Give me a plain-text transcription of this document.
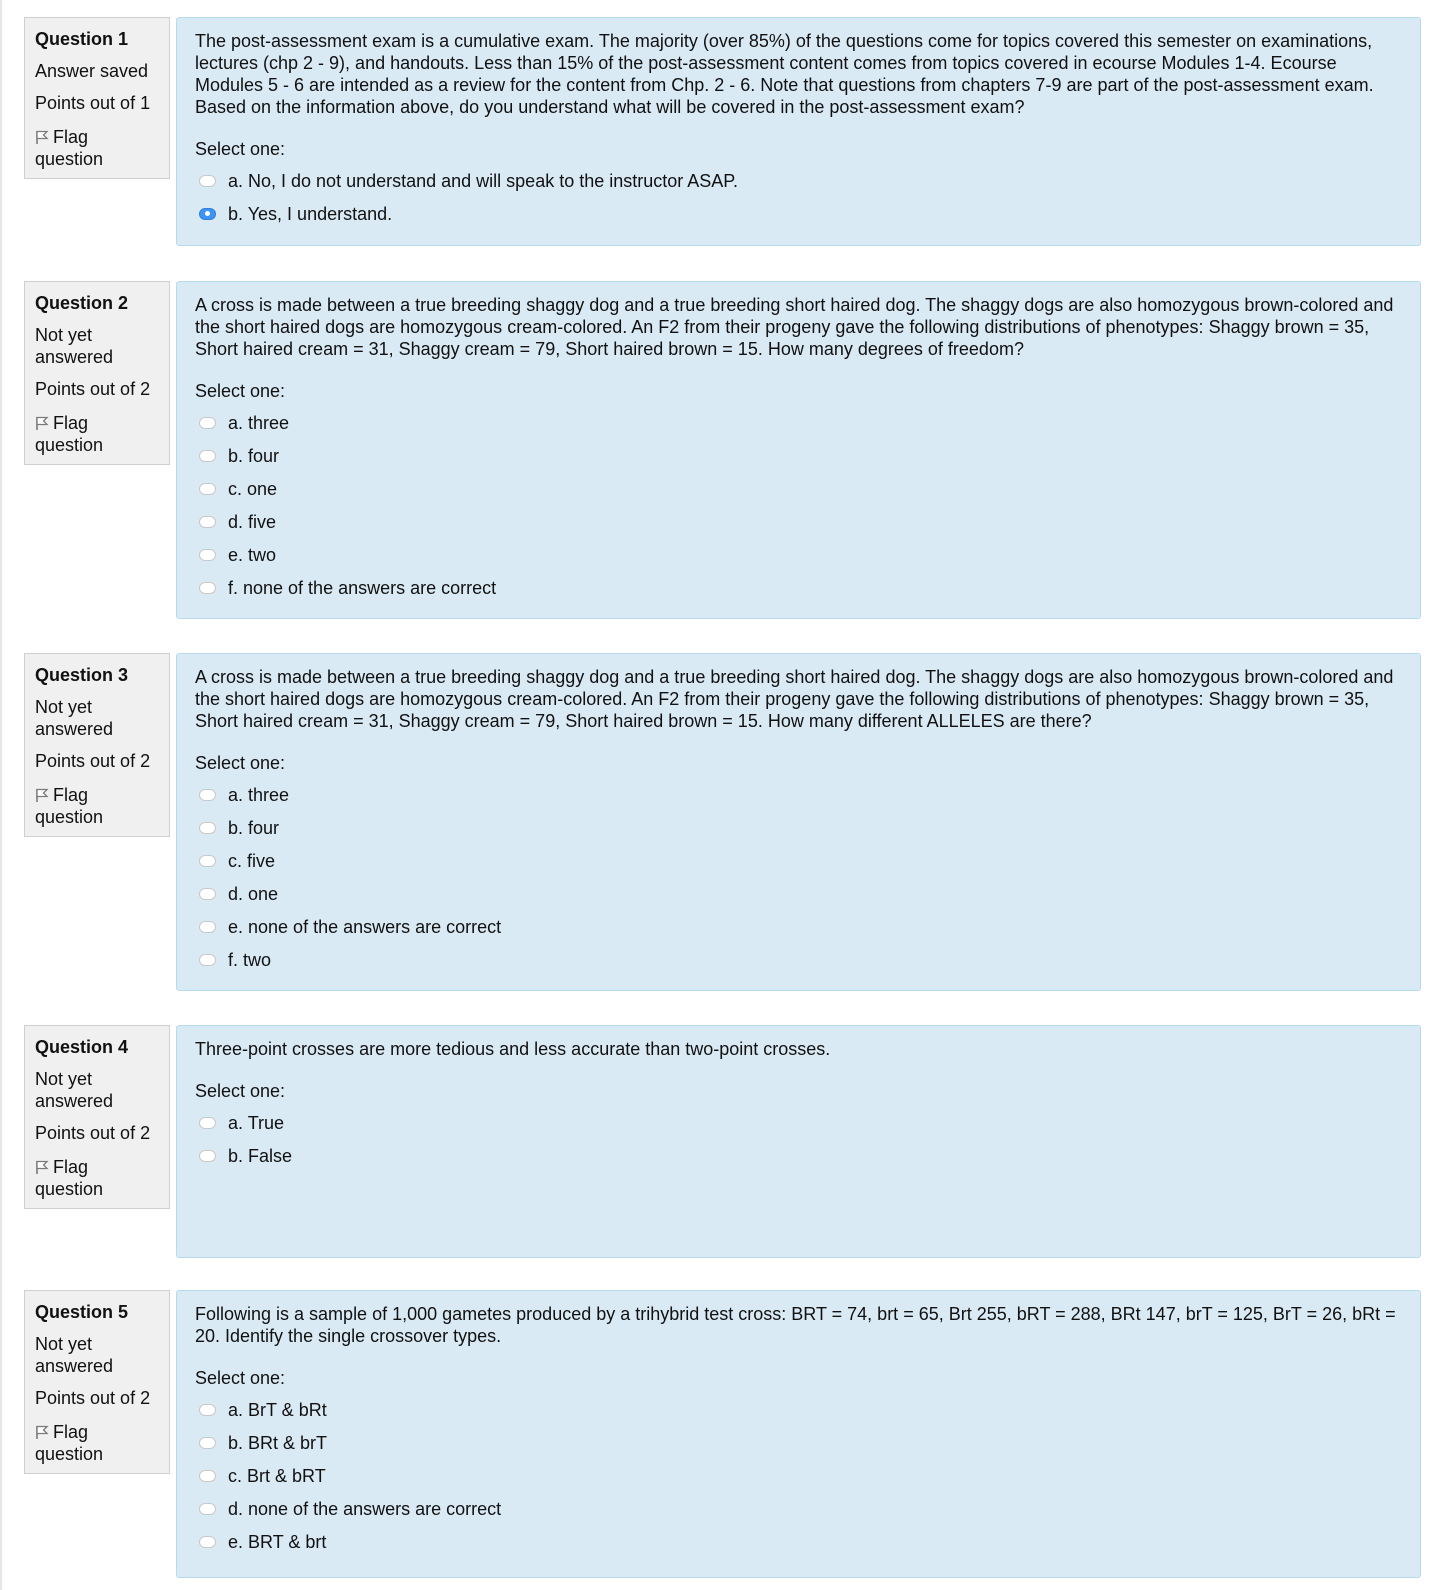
Question 1
Answer saved
Points out of 1
Flag question
The post-assessment exam is a cumulative exam. The majority (over 85%) of the questions come for topics covered this semester on examinations, lectures (chp 2 - 9), and handouts. Less than 15% of the post-assessment content comes from topics covered in ecourse Modules 1-4. Ecourse Modules 5 - 6 are intended as a review for the content from Chp. 2 - 6. Note that questions from chapters 7-9 are part of the post-assessment exam. Based on the information above, do you understand what will be covered in the post-assessment exam?
Select one:
a. No, I do not understand and will speak to the instructor ASAP.
b. Yes, I understand.
Question 2
Not yet answered
Points out of 2
Flag question
A cross is made between a true breeding shaggy dog and a true breeding short haired dog. The shaggy dogs are also homozygous brown-colored and the short haired dogs are homozygous cream-colored. An F2 from their progeny gave the following distributions of phenotypes: Shaggy brown = 35, Short haired cream = 31, Shaggy cream = 79, Short haired brown = 15. How many degrees of freedom?
Select one:
a. three
b. four
c. one
d. five
e. two
f. none of the answers are correct
Question 3
Not yet answered
Points out of 2
Flag question
A cross is made between a true breeding shaggy dog and a true breeding short haired dog. The shaggy dogs are also homozygous brown-colored and the short haired dogs are homozygous cream-colored. An F2 from their progeny gave the following distributions of phenotypes: Shaggy brown = 35, Short haired cream = 31, Shaggy cream = 79, Short haired brown = 15. How many different ALLELES are there?
Select one:
a. three
b. four
c. five
d. one
e. none of the answers are correct
f. two
Question 4
Not yet answered
Points out of 2
Flag question
Three-point crosses are more tedious and less accurate than two-point crosses.
Select one:
a. True
b. False
Question 5
Not yet answered
Points out of 2
Flag question
Following is a sample of 1,000 gametes produced by a trihybrid test cross: BRT = 74, brt = 65, Brt 255, bRT = 288, BRt 147, brT = 125, BrT = 26, bRt = 20. Identify the single crossover types.
Select one:
a. BrT & bRt
b. BRt & brT
c. Brt & bRT
d. none of the answers are correct
e. BRT & brt
